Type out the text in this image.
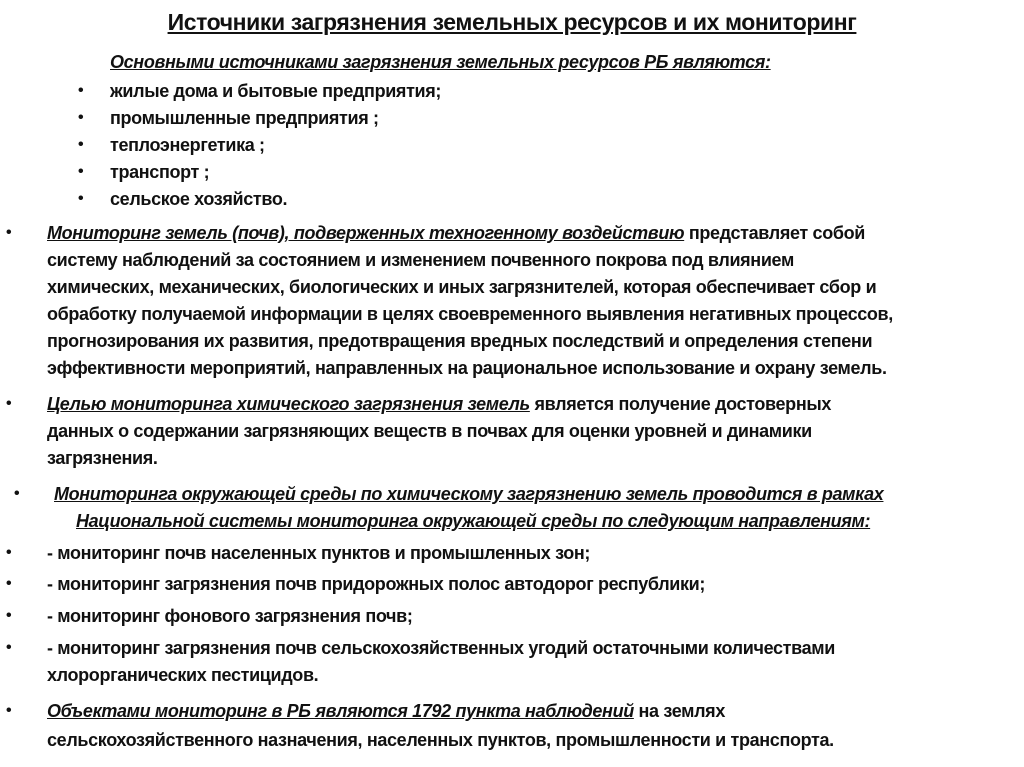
Источники загрязнения земельных ресурсов и их мониторинг
Основными источниками загрязнения земельных ресурсов РБ являются:
• жилые дома и бытовые предприятия;
• промышленные предприятия ;
• теплоэнергетика ;
• транспорт ;
• сельское хозяйство.
• Мониторинг земель (почв), подверженных техногенному воздействию представляет собой
систему наблюдений за состоянием и изменением почвенного покрова под влиянием
химических, механических, биологических и иных загрязнителей, которая обеспечивает сбор и
обработку получаемой информации в целях своевременного выявления негативных процессов,
прогнозирования их развития, предотвращения вредных последствий и определения степени
эффективности мероприятий, направленных на рациональное использование и охрану земель.
• Целью мониторинга химического загрязнения земель является получение достоверных
данных о содержании загрязняющих веществ в почвах для оценки уровней и динамики
загрязнения.
• Мониторинга окружающей среды по химическому загрязнению земель проводится в рамках
Национальной системы мониторинга окружающей среды по следующим направлениям:
• - мониторинг почв населенных пунктов и промышленных зон;
• - мониторинг загрязнения почв придорожных полос автодорог республики;
• - мониторинг фонового загрязнения почв;
• - мониторинг загрязнения почв сельскохозяйственных угодий остаточными количествами
хлорорганических пестицидов.
• Объектами мониторинг в РБ являются 1792 пункта наблюдений на землях
сельскохозяйственного назначения, населенных пунктов, промышленности и транспорта.
